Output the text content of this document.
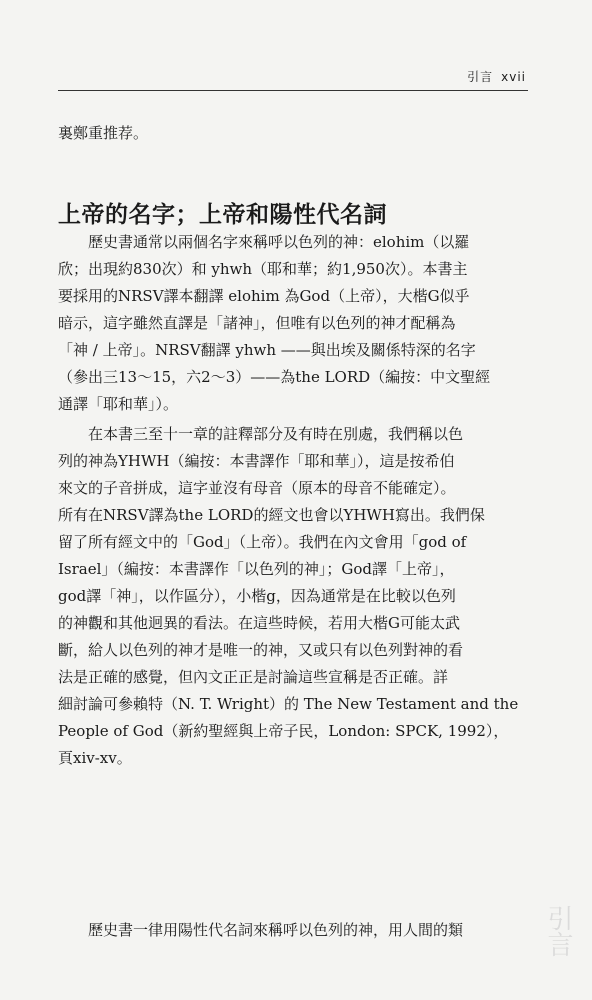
引言 xvii
裏鄭重推荐。
上帝的名字；上帝和陽性代名詞
歷史書通常以兩個名字來稱呼以色列的神：elohim（以羅
欣；出現約830次）和 yhwh（耶和華；約1,950次）。本書主
要採用的NRSV譯本翻譯 elohim 為God（上帝），大楷G似乎
暗示，這字雖然直譯是「諸神」，但唯有以色列的神才配稱為
「神 / 上帝」。NRSV翻譯 yhwh ——與出埃及關係特深的名字
（參出三13～15，六2～3）——為the LORD（編按：中文聖經
通譯「耶和華」）。
在本書三至十一章的註釋部分及有時在別處，我們稱以色
列的神為YHWH（編按：本書譯作「耶和華」），這是按希伯
來文的子音拼成，這字並沒有母音（原本的母音不能確定）。
所有在NRSV譯為the LORD的經文也會以YHWH寫出。我們保
留了所有經文中的「God」（上帝）。我們在內文會用「god of
Israel」（編按：本書譯作「以色列的神」；God譯「上帝」，
god譯「神」，以作區分），小楷g，因為通常是在比較以色列
的神觀和其他迥異的看法。在這些時候，若用大楷G可能太武
斷，給人以色列的神才是唯一的神，又或只有以色列對神的看
法是正確的感覺，但內文正正是討論這些宣稱是否正確。詳
細討論可參賴特（N. T. Wright）的 The New Testament and the
People of God（新約聖經與上帝子民，London: SPCK, 1992），
頁xiv-xv。
歷史書一律用陽性代名詞來稱呼以色列的神，用人間的類	引言
